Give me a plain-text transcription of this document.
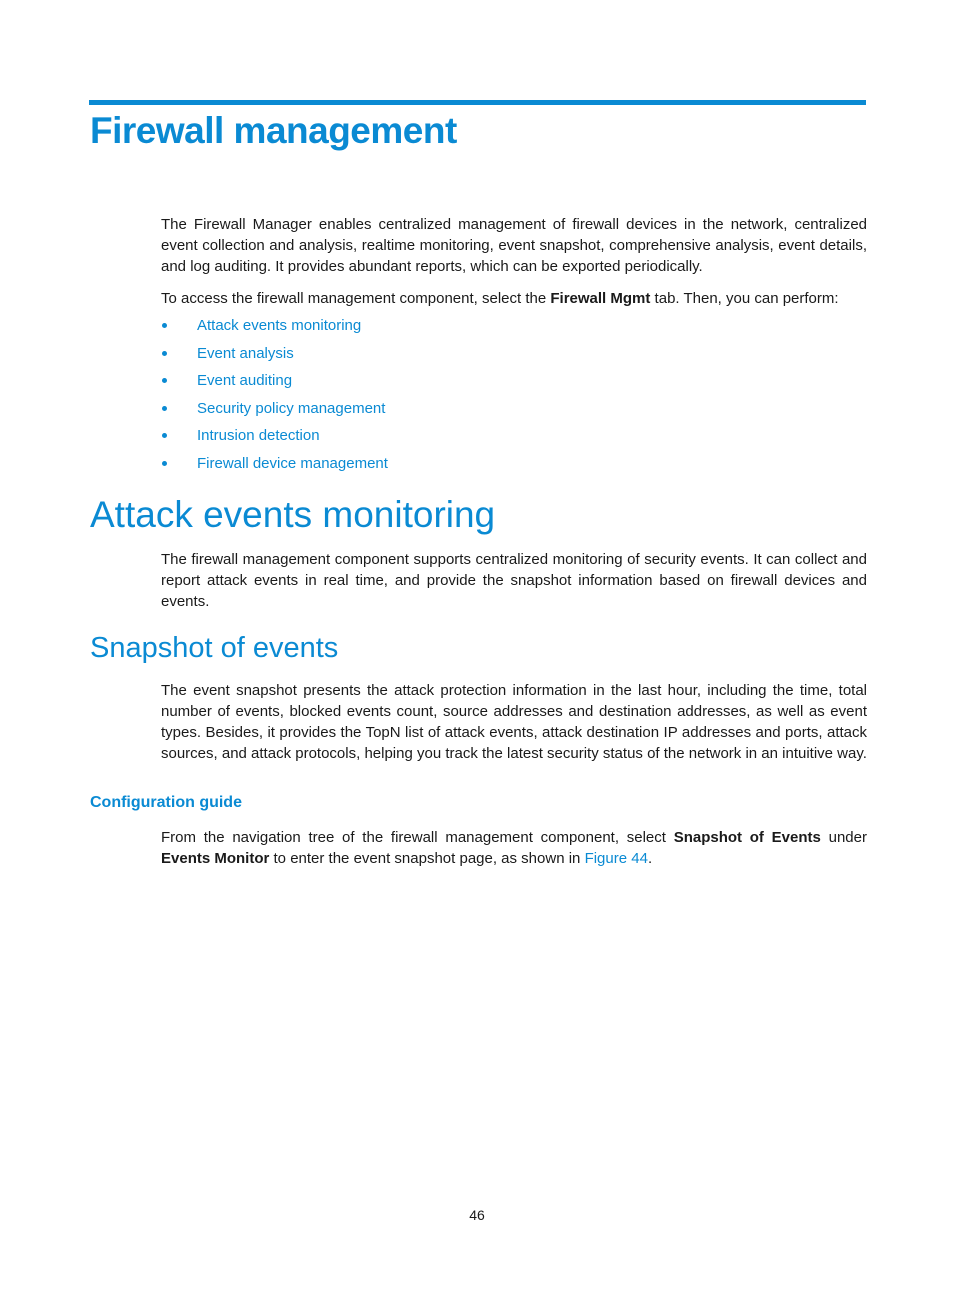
Firewall management

The Firewall Manager enables centralized management of firewall devices in the network, centralized event collection and analysis, realtime monitoring, event snapshot, comprehensive analysis, event details, and log auditing. It provides abundant reports, which can be exported periodically.

To access the firewall management component, select the Firewall Mgmt tab. Then, you can perform:

Attack events monitoring
Event analysis
Event auditing
Security policy management
Intrusion detection
Firewall device management
Attack events monitoring

The firewall management component supports centralized monitoring of security events. It can collect and report attack events in real time, and provide the snapshot information based on firewall devices and events.

Snapshot of events

The event snapshot presents the attack protection information in the last hour, including the time, total number of events, blocked events count, source addresses and destination addresses, as well as event types. Besides, it provides the TopN list of attack events, attack destination IP addresses and ports, attack sources, and attack protocols, helping you track the latest security status of the network in an intuitive way.

Configuration guide

From the navigation tree of the firewall management component, select Snapshot of Events under Events Monitor to enter the event snapshot page, as shown in Figure 44.

46
